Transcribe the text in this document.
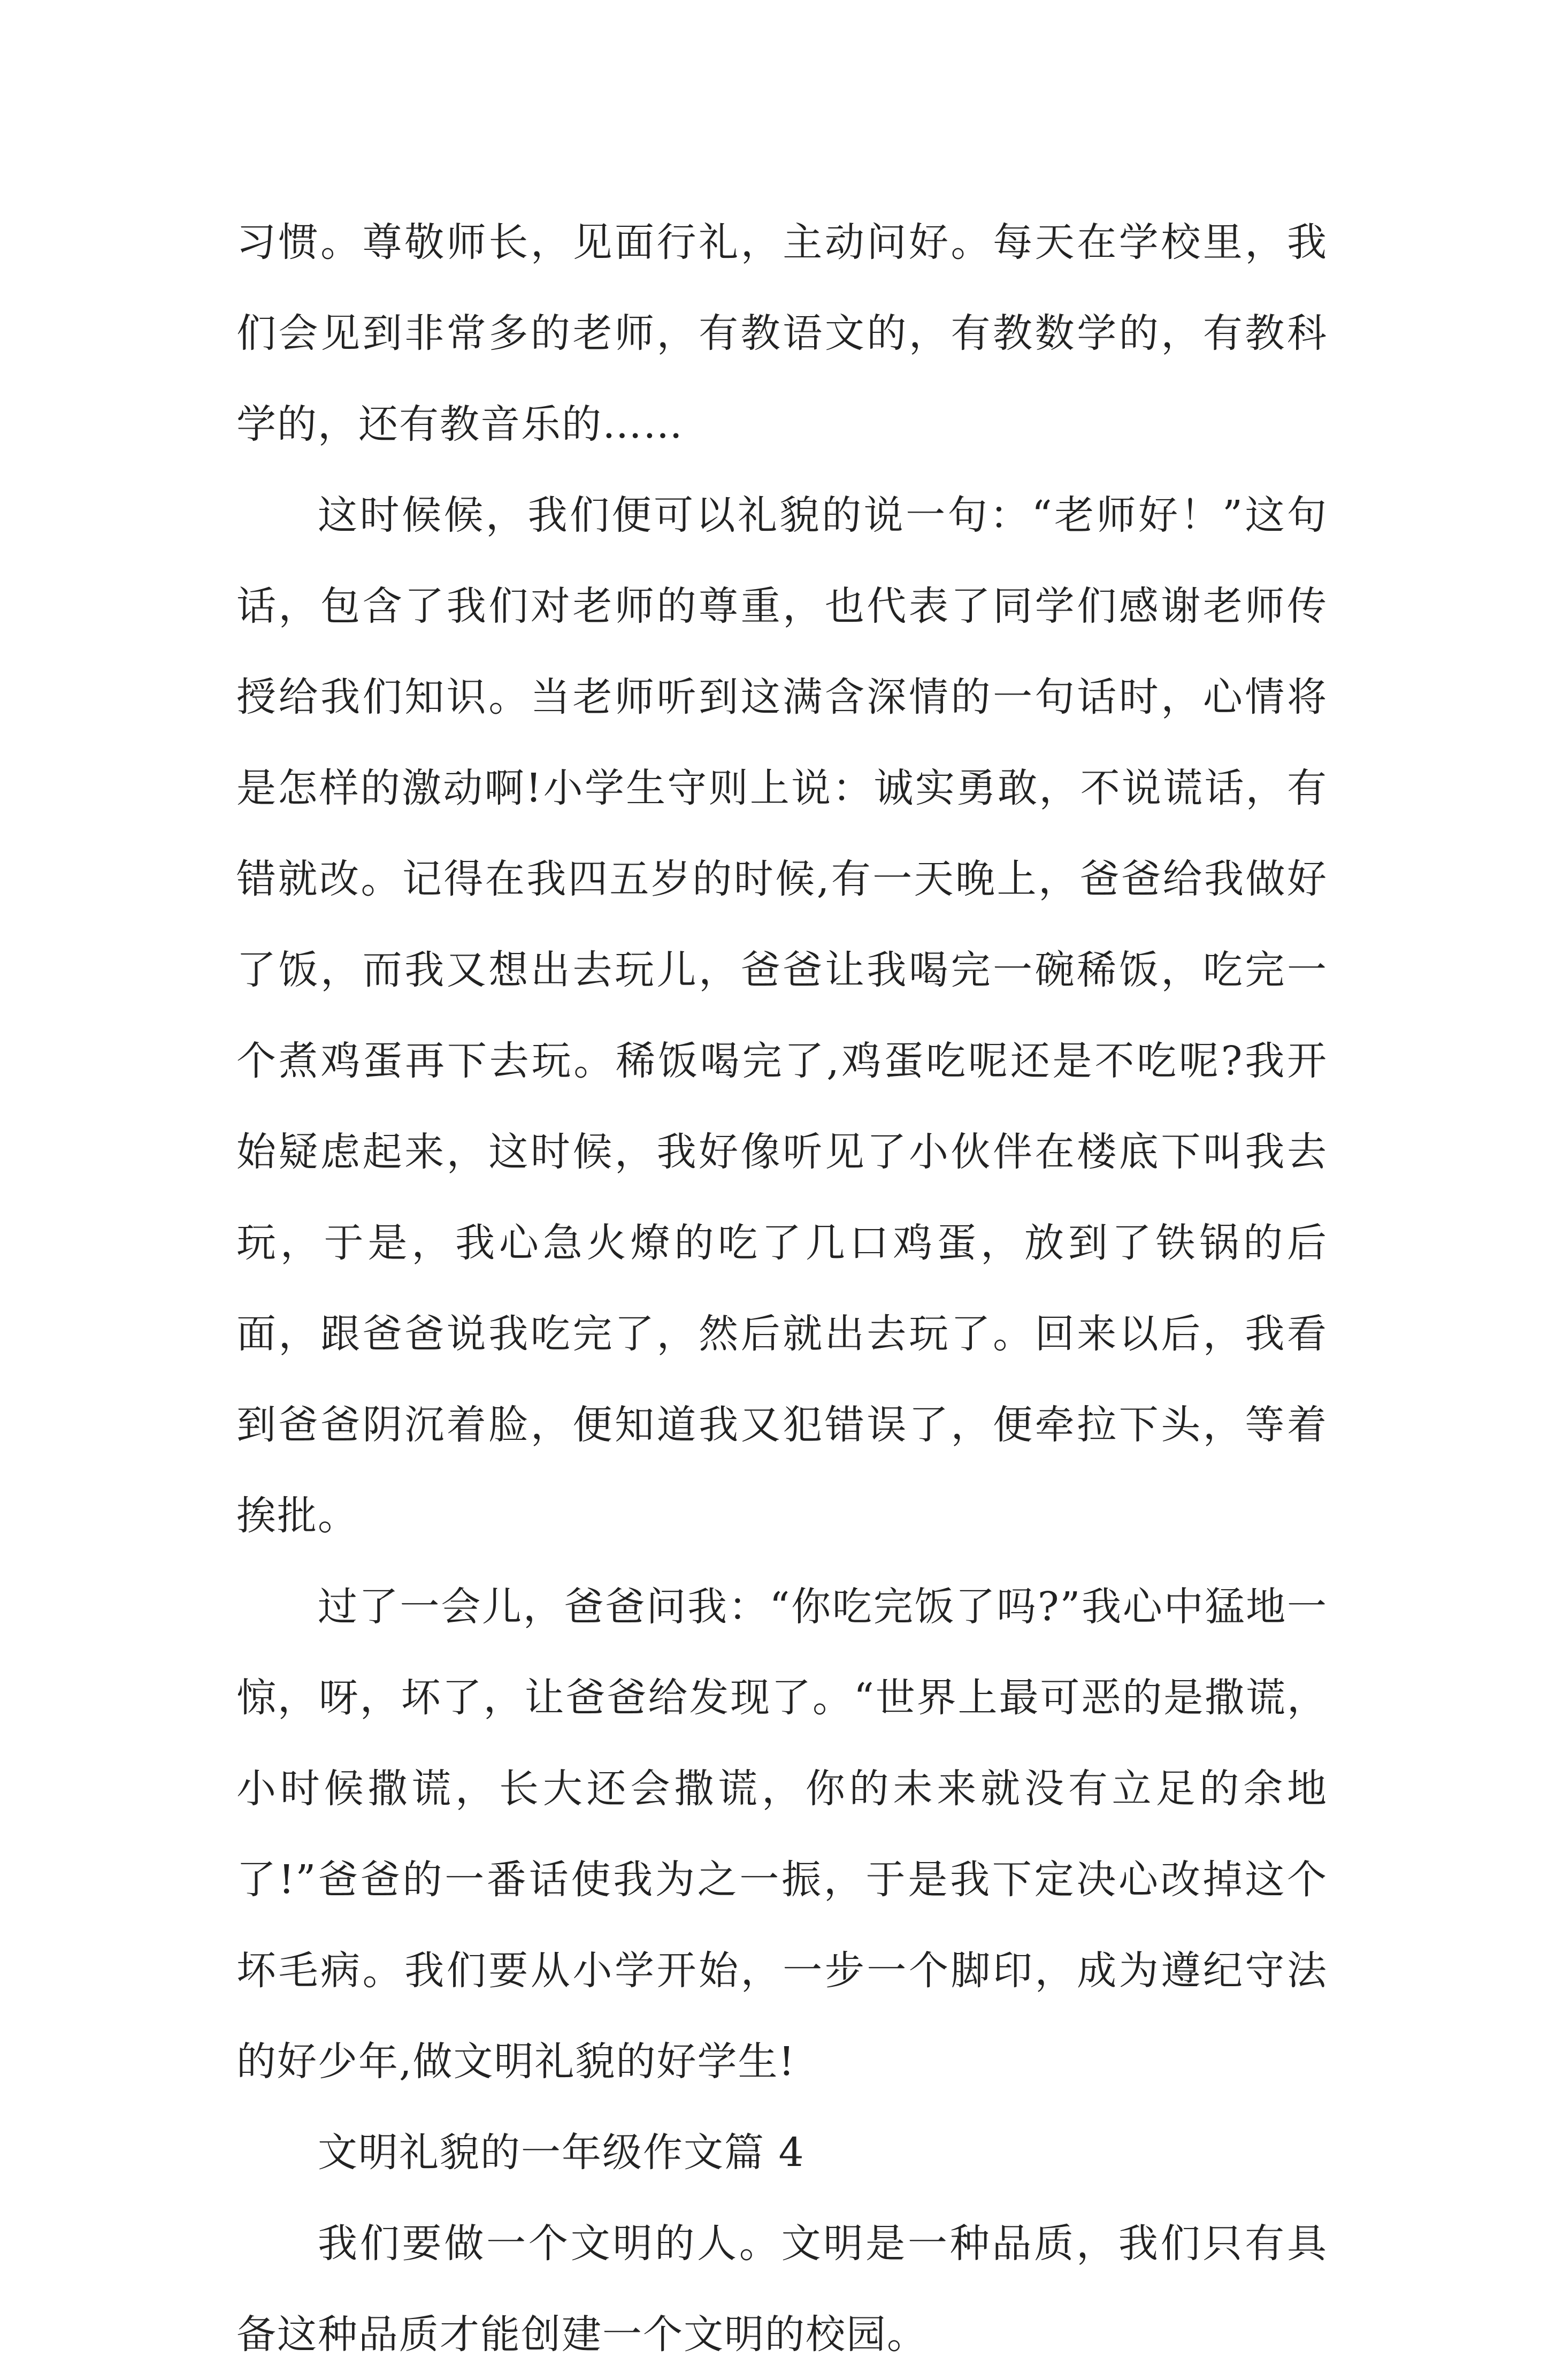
习惯。尊敬师长，见面行礼，主动问好。每天在学校里，我们会见到非常多的老师，有教语文的，有教数学的，有教科学的，还有教音乐的……

这时候候，我们便可以礼貌的说一句：“老师好！”这句话，包含了我们对老师的尊重，也代表了同学们感谢老师传授给我们知识。当老师听到这满含深情的一句话时，心情将是怎样的激动啊!小学生守则上说：诚实勇敢，不说谎话，有错就改。记得在我四五岁的时候,有一天晚上，爸爸给我做好了饭，而我又想出去玩儿，爸爸让我喝完一碗稀饭，吃完一个煮鸡蛋再下去玩。稀饭喝完了,鸡蛋吃呢还是不吃呢?我开始疑虑起来，这时候，我好像听见了小伙伴在楼底下叫我去玩，于是，我心急火燎的吃了几口鸡蛋，放到了铁锅的后面，跟爸爸说我吃完了，然后就出去玩了。回来以后，我看到爸爸阴沉着脸，便知道我又犯错误了，便牵拉下头，等着挨批。

过了一会儿，爸爸问我：“你吃完饭了吗?”我心中猛地一惊，呀，坏了，让爸爸给发现了。“世界上最可恶的是撒谎，小时候撒谎，长大还会撒谎，你的未来就没有立足的余地了!”爸爸的一番话使我为之一振，于是我下定决心改掉这个坏毛病。我们要从小学开始，一步一个脚印，成为遵纪守法的好少年,做文明礼貌的好学生!

文明礼貌的一年级作文篇 4

我们要做一个文明的人。文明是一种品质，我们只有具备这种品质才能创建一个文明的校园。
